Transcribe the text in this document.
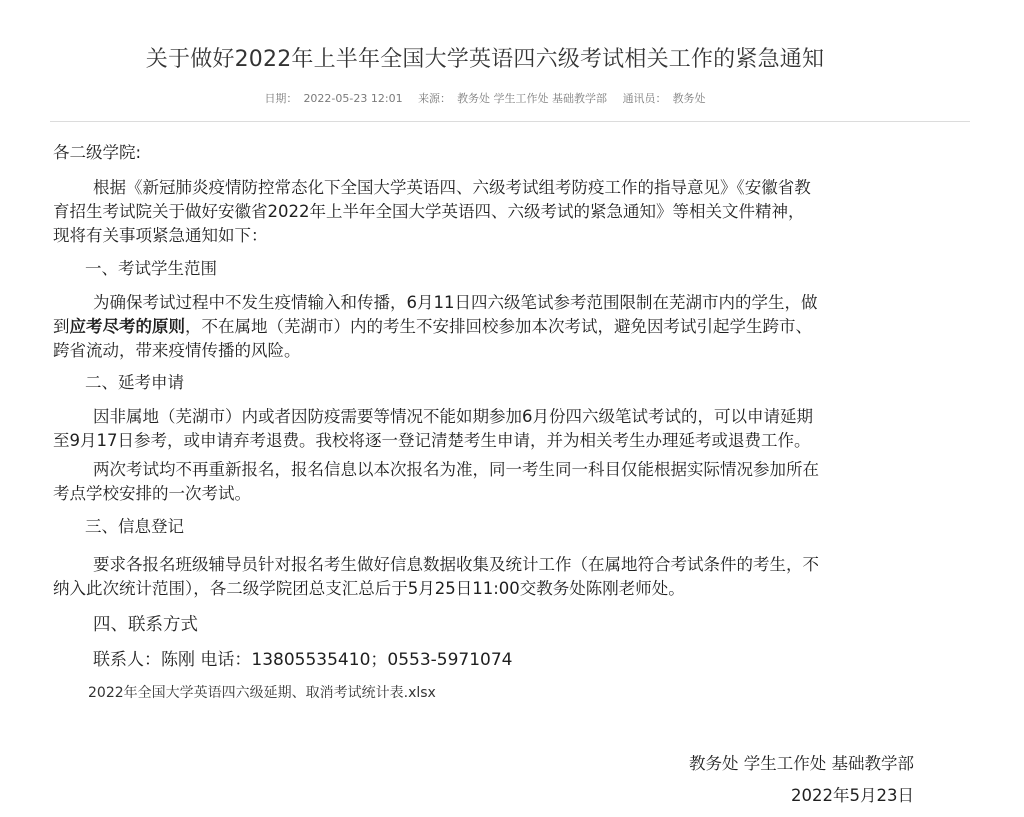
关于做好2022年上半年全国大学英语四六级考试相关工作的紧急通知
日期： 2022-05-23 12:01 来源： 教务处 学生工作处 基础教学部 通讯员： 教务处
各二级学院:
根据《新冠肺炎疫情防控常态化下全国大学英语四、六级考试组考防疫工作的指导意见》《安徽省教
育招生考试院关于做好安徽省2022年上半年全国大学英语四、六级考试的紧急通知》等相关文件精神，
现将有关事项紧急通知如下：
一、考试学生范围
为确保考试过程中不发生疫情输入和传播，6月11日四六级笔试参考范围限制在芜湖市内的学生，做
到应考尽考的原则，不在属地（芜湖市）内的考生不安排回校参加本次考试，避免因考试引起学生跨市、
跨省流动，带来疫情传播的风险。
二、延考申请
因非属地（芜湖市）内或者因防疫需要等情况不能如期参加6月份四六级笔试考试的，可以申请延期
至9月17日参考，或申请弃考退费。我校将逐一登记清楚考生申请，并为相关考生办理延考或退费工作。
两次考试均不再重新报名，报名信息以本次报名为准，同一考生同一科目仅能根据实际情况参加所在
考点学校安排的一次考试。
三、信息登记
要求各报名班级辅导员针对报名考生做好信息数据收集及统计工作（在属地符合考试条件的考生，不
纳入此次统计范围），各二级学院团总支汇总后于5月25日11:00交教务处陈刚老师处。
四、联系方式
联系人：陈刚 电话：13805535410；0553-5971074
2022年全国大学英语四六级延期、取消考试统计表.xlsx
教务处 学生工作处 基础教学部
2022年5月23日
